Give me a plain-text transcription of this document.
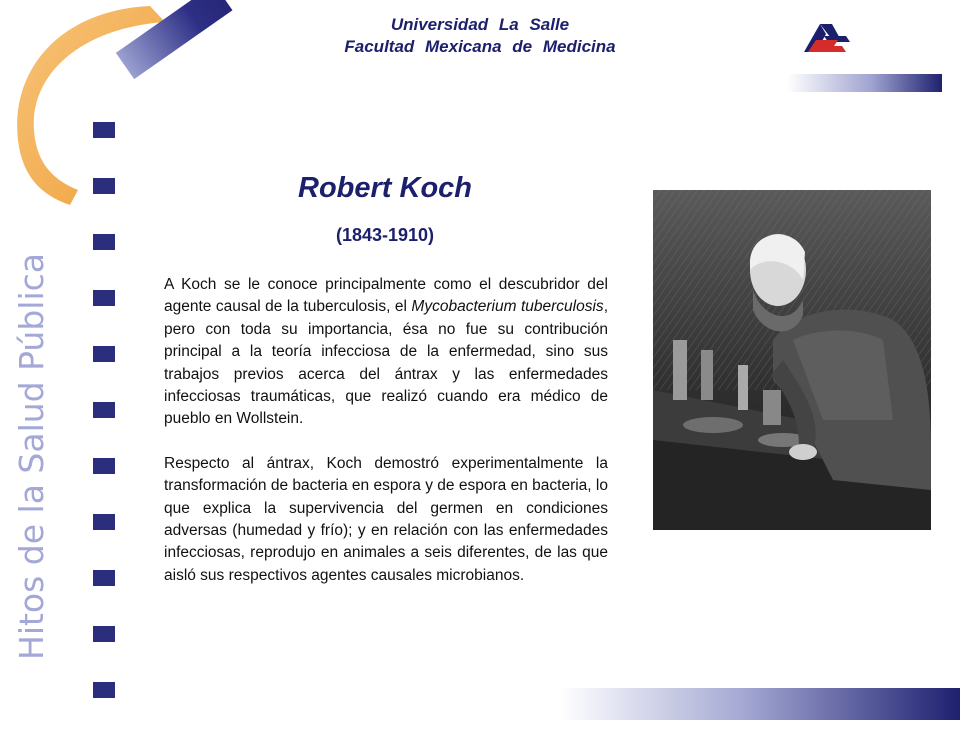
Hitos de la Salud Pública
Universidad La Salle
Facultad Mexicana de Medicina
Robert Koch
(1843-1910)

A Koch se le conoce principalmente como el descubridor del agente causal de la tuberculosis, el Mycobacterium tuberculosis, pero con toda su importancia, ésa no fue su contribución principal a la teoría infecciosa de la enfermedad, sino sus trabajos previos acerca del ántrax y las enfermedades infecciosas traumáticas, que realizó cuando era médico de pueblo en Wollstein.

Respecto al ántrax, Koch demostró experimentalmente la transformación de bacteria en espora y de espora en bacteria, lo que explica la supervivencia del germen en condiciones adversas (humedad y frío); y en relación con las enfermedades infecciosas, reprodujo en animales a seis diferentes, de las que aisló sus respectivos agentes causales microbianos.
